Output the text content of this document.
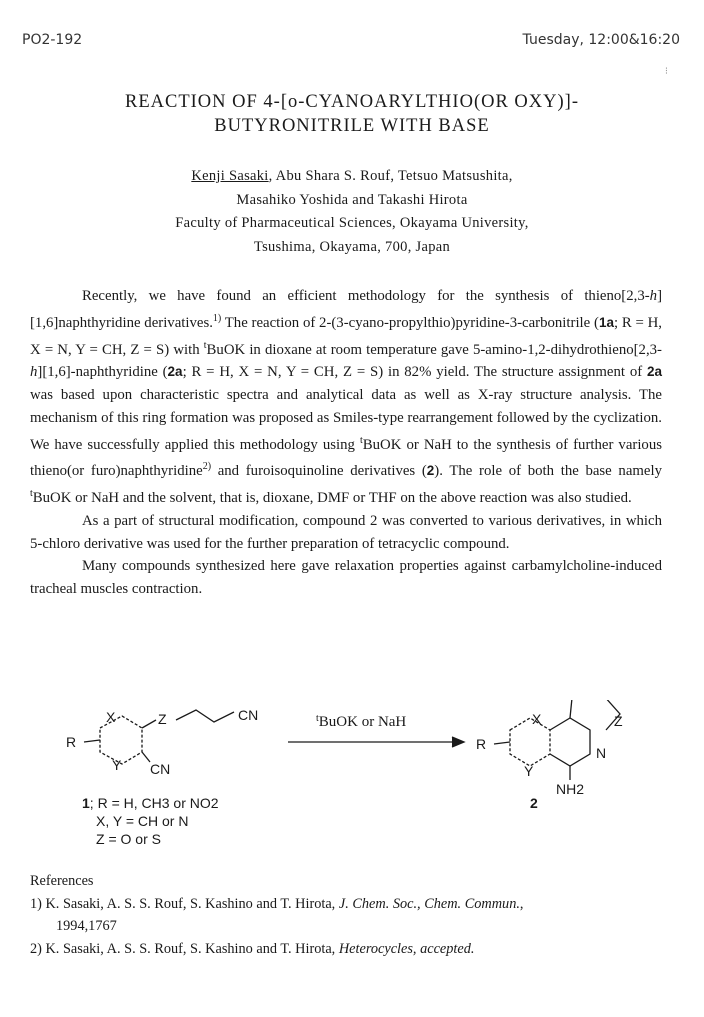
PO2-192	Tuesday, 12:00&16:20
⁝
REACTION OF 4-[o-CYANOARYLTHIO(OR OXY)]-
BUTYRONITRILE WITH BASE
Kenji Sasaki, Abu Shara S. Rouf, Tetsuo Matsushita,
Masahiko Yoshida and Takashi Hirota
Faculty of Pharmaceutical Sciences, Okayama University,
Tsushima, Okayama, 700, Japan

Recently, we have found an efficient methodology for the synthesis of thieno[2,3-h][1,6]naphthyridine derivatives.$^{1)}$ The reaction of 2-(3-cyano-propylthio)pyridine-3-carbonitrile (1a; R = H, X = N, Y = CH, Z = S) with $^t$BuOK in dioxane at room temperature gave 5-amino-1,2-dihydrothieno[2,3-h][1,6]-naphthyridine (2a; R = H, X = N, Y = CH, Z = S) in 82% yield. The structure assignment of 2a was based upon characteristic spectra and analytical data as well as X-ray structure analysis. The mechanism of this ring formation was proposed as Smiles-type rearrangement followed by the cyclization. We have successfully applied this methodology using $^t$BuOK or NaH to the synthesis of further various thieno(or furo)naphthyridine$^{2)}$ and furoisoquinoline derivatives (2). The role of both the base namely $^t$BuOK or NaH and the solvent, that is, dioxane, DMF or THF on the above reaction was also studied.

As a part of structural modification, compound 2 was converted to various derivatives, in which 5-chloro derivative was used for the further preparation of tetracyclic compound.

Many compounds synthesized here gave relaxation properties against carbamylcholine-induced tracheal muscles contraction.

R
X
Y
Z	CN
CN
R
X
Y
Z
N
NH2
$^t$BuOK or NaH
1; R = H, CH3 or NO2
X, Y = CH or N
Z = O or S
2

References

1) K. Sasaki, A. S. S. Rouf, S. Kashino and T. Hirota, J. Chem. Soc., Chem. Commun.,

1994,1767

2) K. Sasaki, A. S. S. Rouf, S. Kashino and T. Hirota, Heterocycles, accepted.
